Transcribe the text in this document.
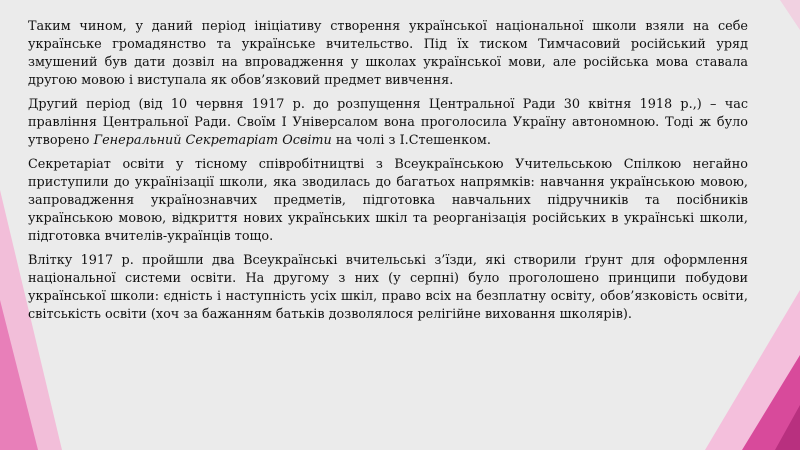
Таким чином, у даний період ініціативу створення української національної школи взяли на себе українське громадянство та українське вчительство. Під їх тиском Тимчасовий російський уряд змушений був дати дозвіл на впровадження у школах української мови, але російська мова ставала другою мовою і виступала як обов’язковий предмет вивчення.

Другий період (від 10 червня 1917 р. до розпущення Центральної Ради 30 квітня 1918 р.,) – час правління Центральної Ради. Своїм І Універсалом вона проголосила Україну автономною. Тоді ж було утворено Генеральний Секретаріат Освіти на чолі з І.Стешенком.

Секретаріат освіти у тісному співробітництві з Всеукраїнською Учительською Спілкою негайно приступили до українізації школи, яка зводилась до багатьох напрямків: навчання українською мовою, запровадження українознавчих предметів, підготовка навчальних підручників та посібників українською мовою, відкриття нових українських шкіл та реорганізація російських в українські школи, підготовка вчителів-українців тощо.

Влітку 1917 р. пройшли два Всеукраїнські вчительські з’їзди, які створили ґрунт для оформлення національної системи освіти. На другому з них (у серпні) було проголошено принципи побудови української школи: єдність і наступність усіх шкіл, право всіх на безплатну освіту, обов’язковість освіти, світськість освіти (хоч за бажанням батьків дозволялося релігійне виховання школярів).
